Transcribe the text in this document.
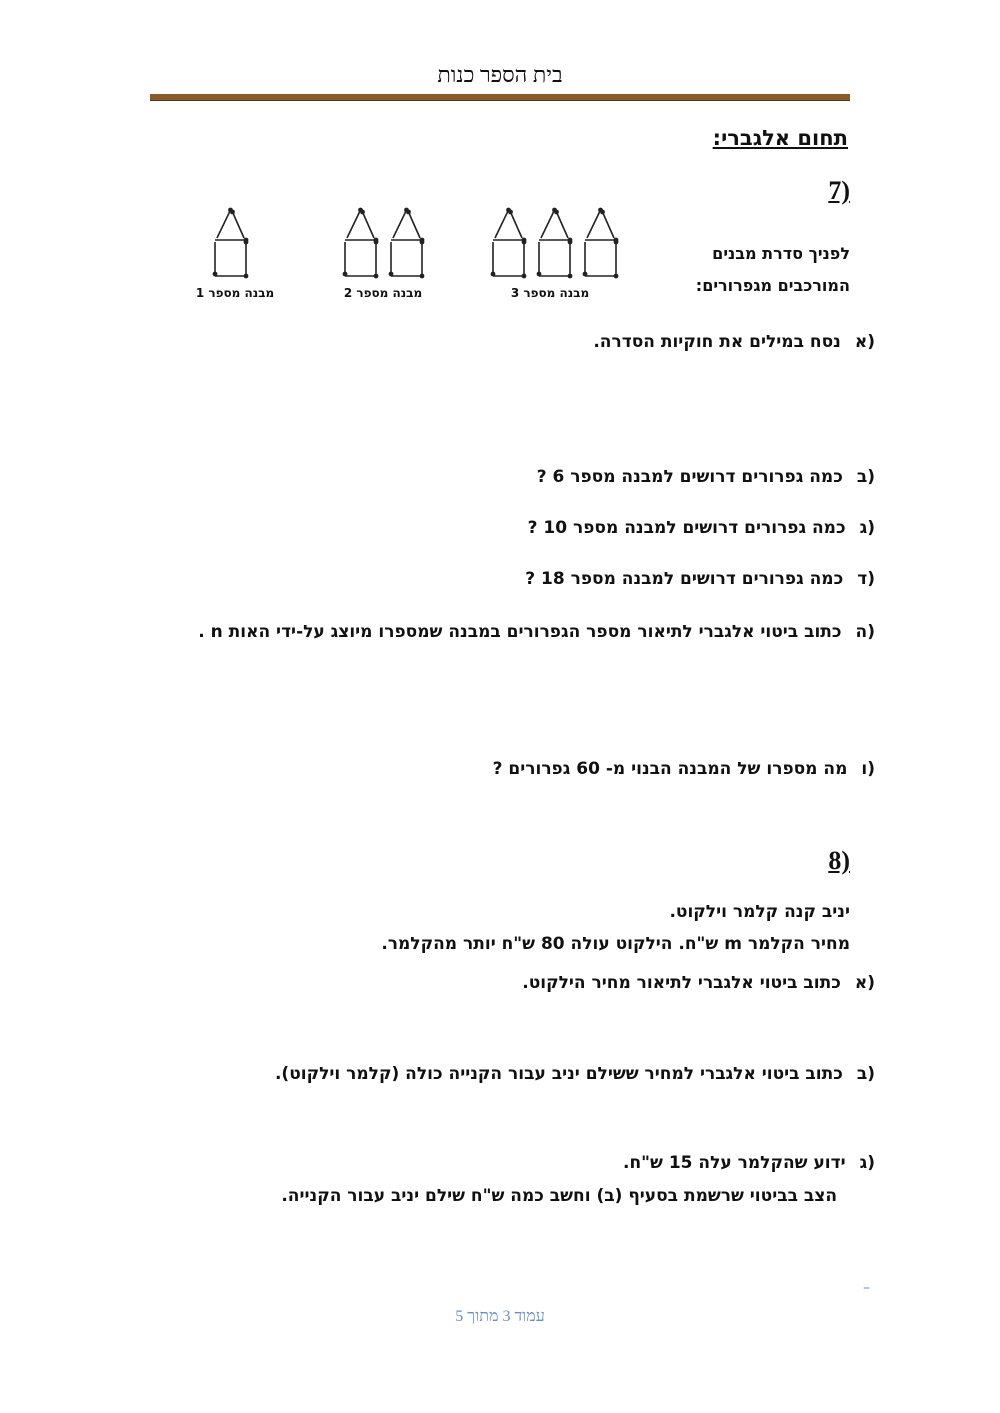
בית הספר כנות
תחום אלגברי:
7)
לפניך סדרת מבנים
המורכבים מגפרורים:
מבנה מספר 1	מבנה מספר 2	מבנה מספר 3
(א
נסח במילים את חוקיות הסדרה.
(ב
כמה גפרורים דרושים למבנה מספר 6 ?
(ג
כמה גפרורים דרושים למבנה מספר 10 ?
(ד
כמה גפרורים דרושים למבנה מספר 18 ?
(ה
כתוב ביטוי אלגברי לתיאור מספר הגפרורים במבנה שמספרו מיוצג על-ידי האות n .
(ו
מה מספרו של המבנה הבנוי מ- 60 גפרורים ?
8)
יניב קנה קלמר וילקוט.
מחיר הקלמר m ש"ח. הילקוט עולה 80 ש"ח יותר מהקלמר.
(א
כתוב ביטוי אלגברי לתיאור מחיר הילקוט.
(ב
כתוב ביטוי אלגברי למחיר ששילם יניב עבור הקנייה כולה (קלמר וילקוט).
(ג
ידוע שהקלמר עלה 15 ש"ח.
הצב בביטוי שרשמת בסעיף (ב) וחשב כמה ש"ח שילם יניב עבור הקנייה.
–
עמוד 3 מתוך 5
